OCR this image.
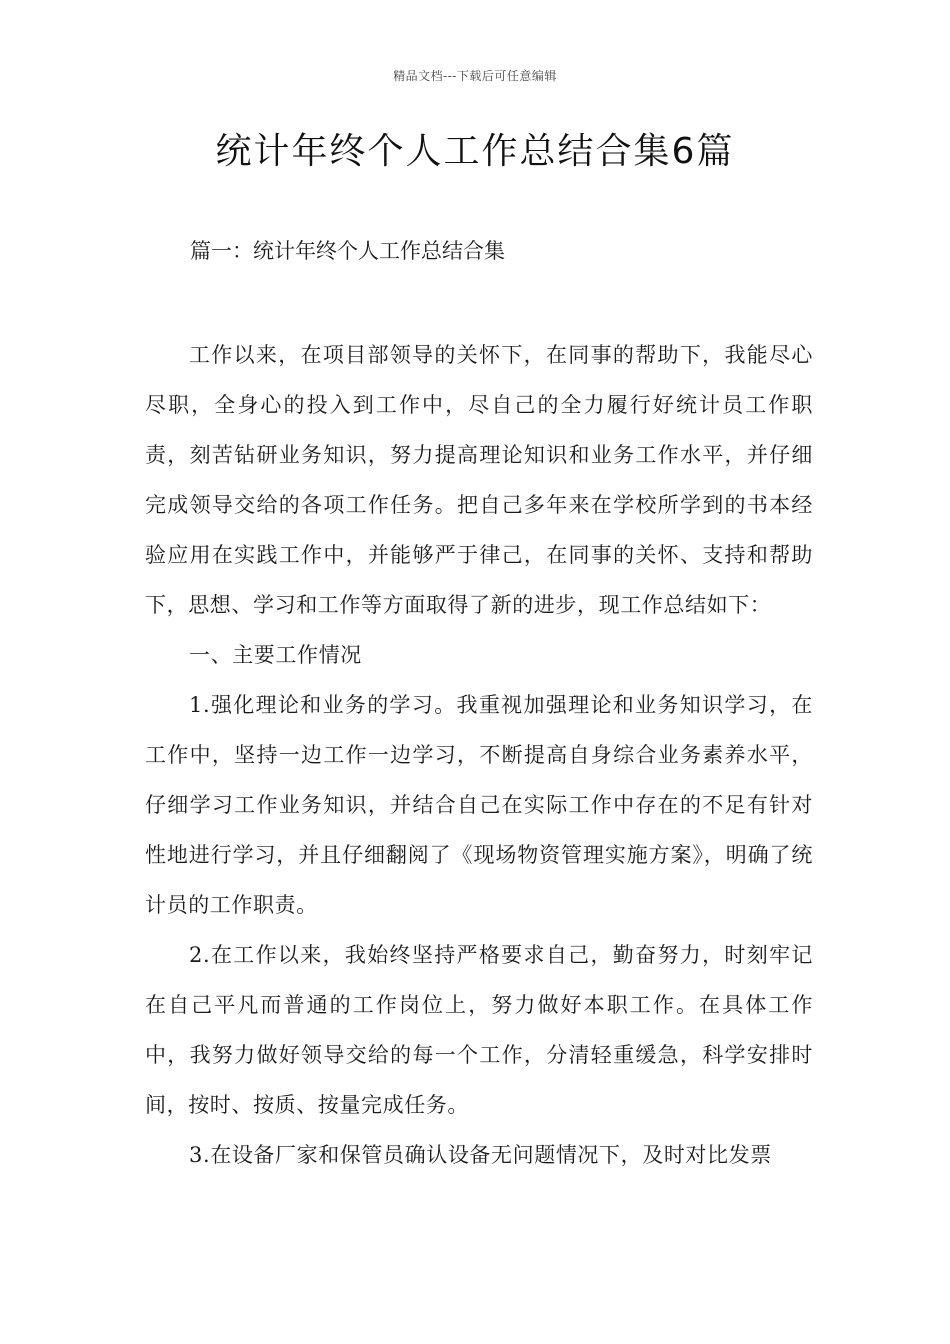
精品文档---下载后可任意编辑
统计年终个人工作总结合集6篇
篇一：统计年终个人工作总结合集

工作以来，在项目部领导的关怀下，在同事的帮助下，我能尽心尽职，全身心的投入到工作中，尽自己的全力履行好统计员工作职责，刻苦钻研业务知识，努力提高理论知识和业务工作水平，并仔细完成领导交给的各项工作任务。把自己多年来在学校所学到的书本经验应用在实践工作中，并能够严于律己，在同事的关怀、支持和帮助下，思想、学习和工作等方面取得了新的进步，现工作总结如下：

一、主要工作情况

1.强化理论和业务的学习。我重视加强理论和业务知识学习，在工作中，坚持一边工作一边学习，不断提高自身综合业务素养水平，仔细学习工作业务知识，并结合自己在实际工作中存在的不足有针对性地进行学习，并且仔细翻阅了《现场物资管理实施方案》，明确了统计员的工作职责。

2.在工作以来，我始终坚持严格要求自己，勤奋努力，时刻牢记在自己平凡而普通的工作岗位上，努力做好本职工作。在具体工作中，我努力做好领导交给的每一个工作，分清轻重缓急，科学安排时间，按时、按质、按量完成任务。

3.在设备厂家和保管员确认设备无问题情况下，及时对比发票
